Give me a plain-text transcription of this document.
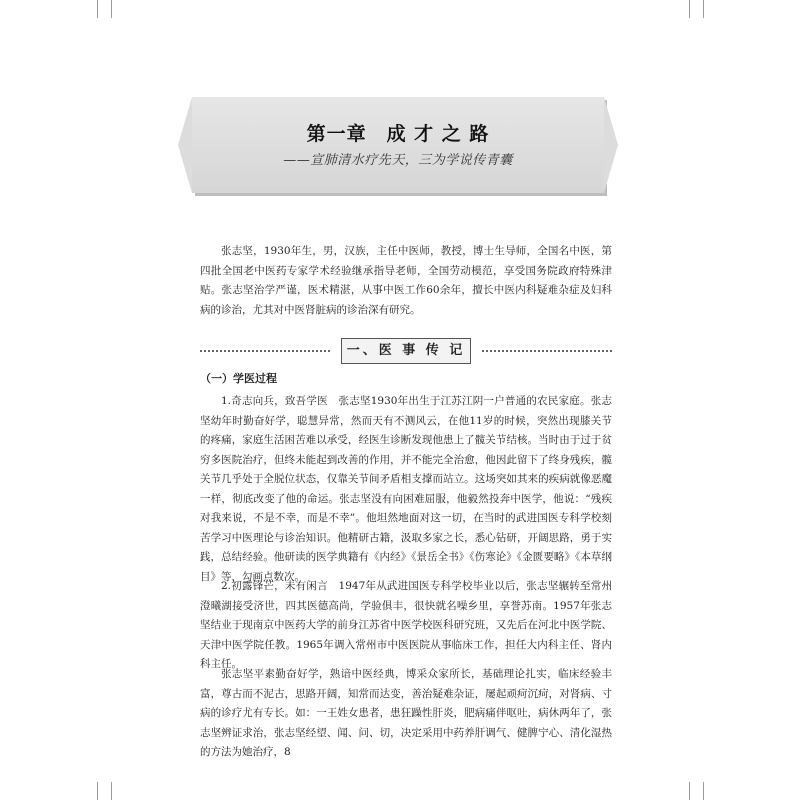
第一章　成 才 之 路
——宣肺清水疗先天，三为学说传青囊

张志坚，1930年生，男，汉族，主任中医师，教授，博士生导师，全国名中医，第四批全国老中医药专家学术经验继承指导老师，全国劳动模范，享受国务院政府特殊津贴。张志坚治学严谨，医术精湛，从事中医工作60余年，擅长中医内科疑难杂症及妇科病的诊治，尤其对中医肾脏病的诊治深有研究。

一、医 事 传 记
（一）学医过程

1.奇志向兵，致吾学医　张志坚1930年出生于江苏江阴一户普通的农民家庭。张志坚幼年时勤奋好学，聪慧异常，然而天有不测风云，在他11岁的时候，突然出现膝关节的疼痛，家庭生活困苦难以承受，经医生诊断发现他患上了髋关节结核。当时由于过于贫穷多医院治疗，但终未能起到改善的作用，并不能完全治愈，他因此留下了终身残疾，髋关节几乎处于全脱位状态，仅靠关节间矛盾相支撑而站立。这场突如其来的疾病就像恶魔一样，彻底改变了他的命运。张志坚没有向困难屈服，他毅然投奔中医学，他说：“残疾对我来说，不是不幸，而是不幸”。他坦然地面对这一切，在当时的武进国医专科学校刻苦学习中医理论与诊治知识。他精研古籍，汲取多家之长，悉心钻研，开阔思路，勇于实践，总结经验。他研读的医学典籍有《内经》《景岳全书》《伤寒论》《金匮要略》《本草纲目》等，勾画点数次。

2.初露锋芒，未有闲言　1947年从武进国医专科学校毕业以后，张志坚辗转至常州澄曦湖接受济世，四其医德高尚，学验俱丰，很快就名噪乡里，享誉苏南。1957年张志坚结业于现南京中医药大学的前身江苏省中医学校医科研究班，又先后在河北中医学院、天津中医学院任教。1965年调入常州市中医医院从事临床工作，担任大内科主任、肾内科主任。

张志坚平素勤奋好学，熟谙中医经典，博采众家所长，基础理论扎实，临床经验丰富，尊古而不泥古，思路开阔，知常而达变，善治疑难杂证，屡起顽疴沉疴，对肾病、寸病的诊疗尤有专长。如：一王姓女患者，患狂躁性肝炎，肥病痛伴呕吐，病休两年了，张志坚辨证求治，张志坚经望、闻、问、切，决定采用中药养肝调气、健脾宁心、清化湿热的方法为她治疗，8
